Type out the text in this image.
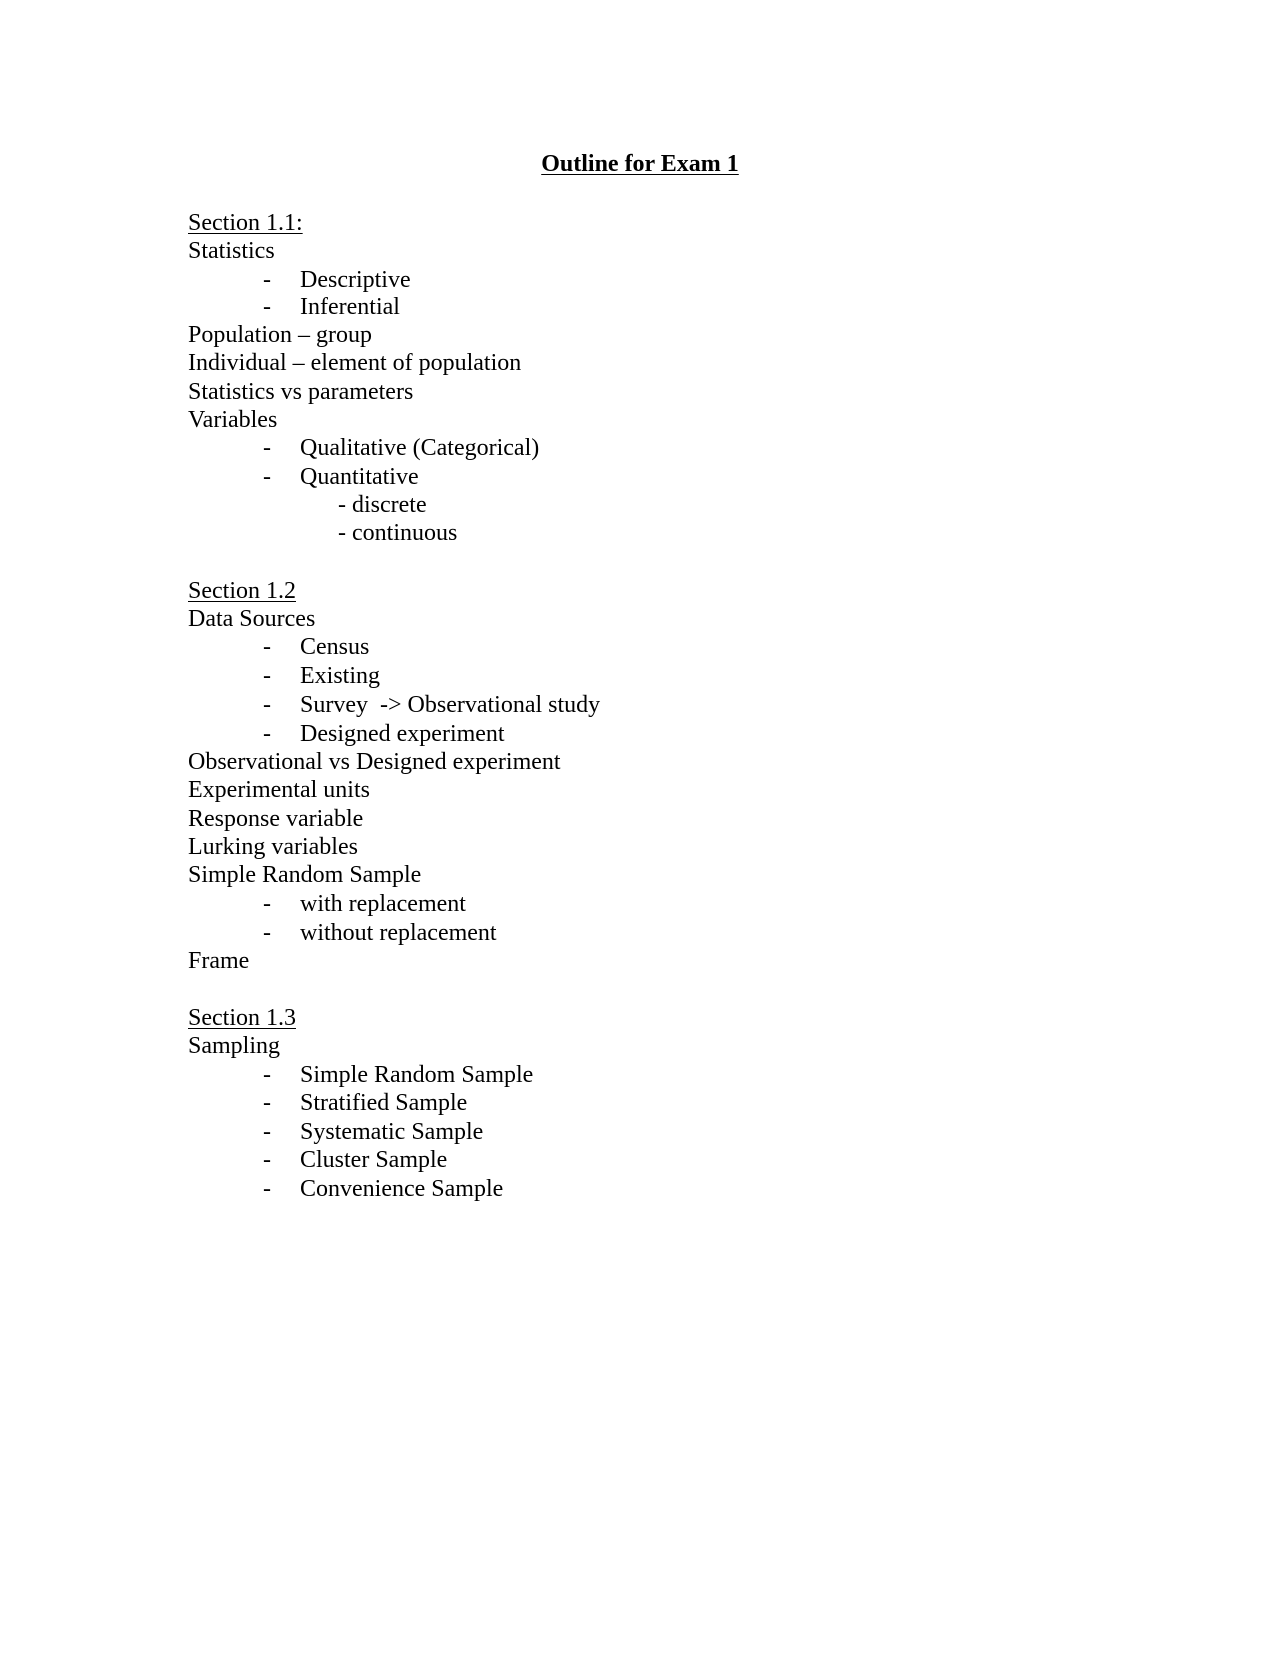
Outline for Exam 1
Section 1.1:
Statistics
- Descriptive
- Inferential
Population – group
Individual – element of population
Statistics vs parameters
Variables
- Qualitative (Categorical)
- Quantitative
- discrete
- continuous
Section 1.2
Data Sources
- Census
- Existing
- Survey  -> Observational study
- Designed experiment
Observational vs Designed experiment
Experimental units
Response variable
Lurking variables
Simple Random Sample
- with replacement
- without replacement
Frame
Section 1.3
Sampling
- Simple Random Sample
- Stratified Sample
- Systematic Sample
- Cluster Sample
- Convenience Sample
